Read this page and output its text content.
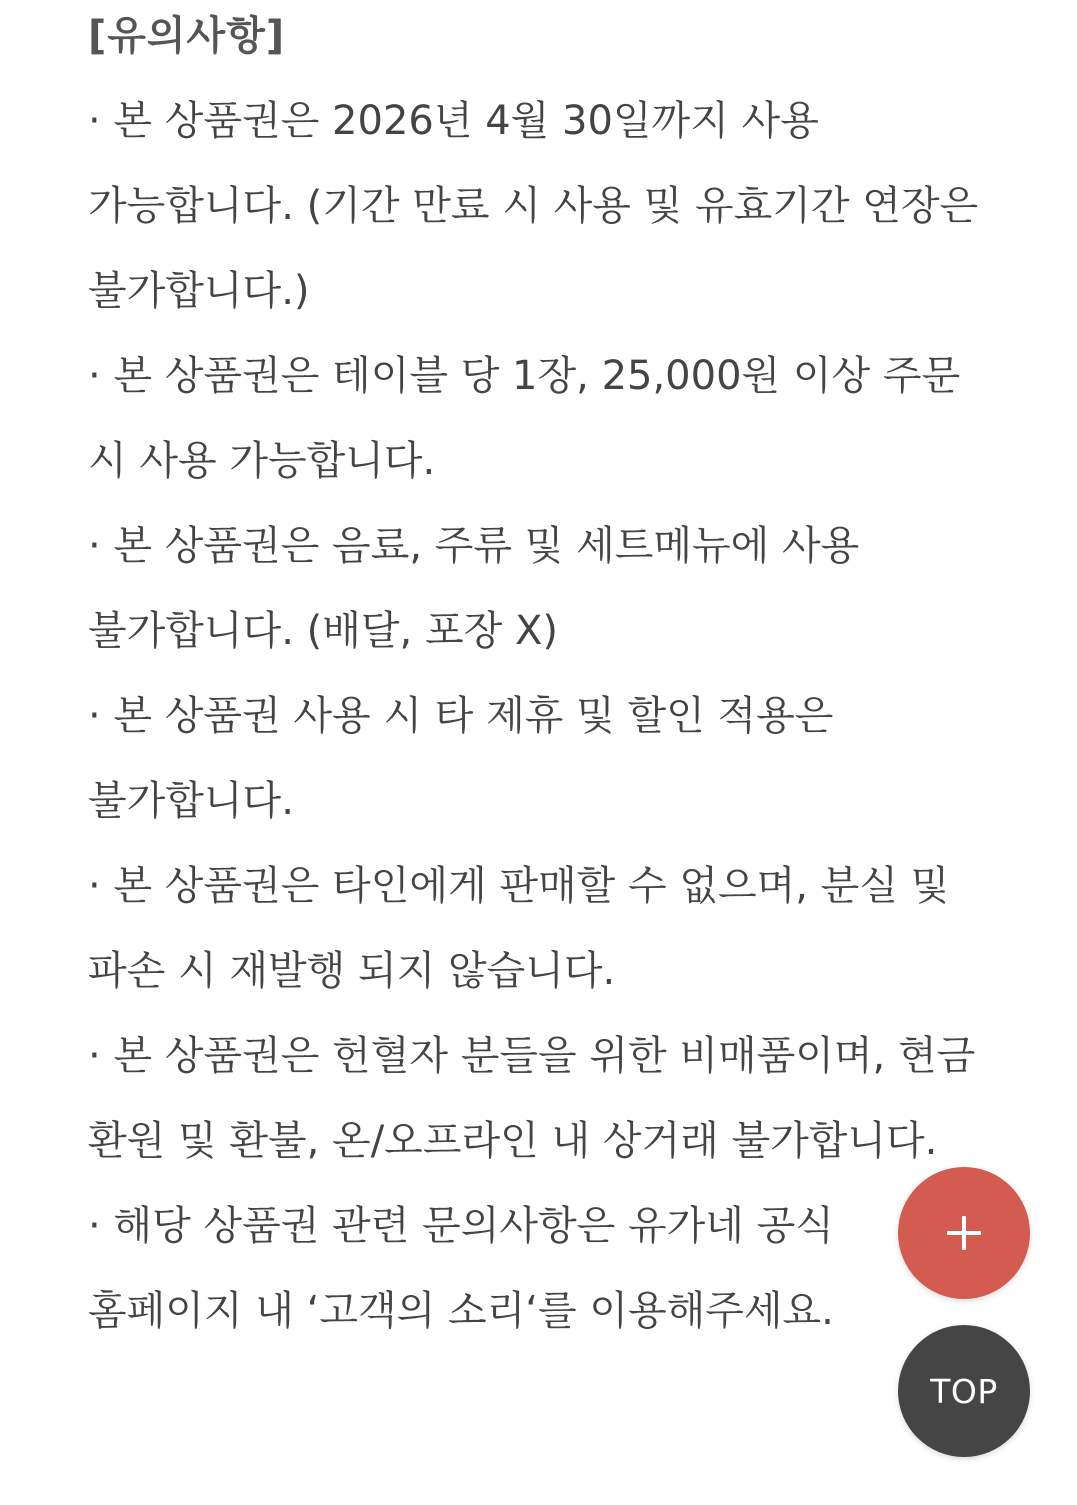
[유의사항]
· 본 상품권은 2026년 4월 30일까지 사용 가능합니다. (기간 만료 시 사용 및 유효기간 연장은 불가합니다.)
· 본 상품권은 테이블 당 1장, 25,000원 이상 주문 시 사용 가능합니다.
· 본 상품권은 음료, 주류 및 세트메뉴에 사용 불가합니다. (배달, 포장 X)
· 본 상품권 사용 시 타 제휴 및 할인 적용은 불가합니다.
· 본 상품권은 타인에게 판매할 수 없으며, 분실 및 파손 시 재발행 되지 않습니다.
· 본 상품권은 헌혈자 분들을 위한 비매품이며, 현금 환원 및 환불, 온/오프라인 내 상거래 불가합니다.
· 해당 상품권 관련 문의사항은 유가네 공식 홈페이지 내 ‘고객의 소리‘를 이용해주세요.
TOP
